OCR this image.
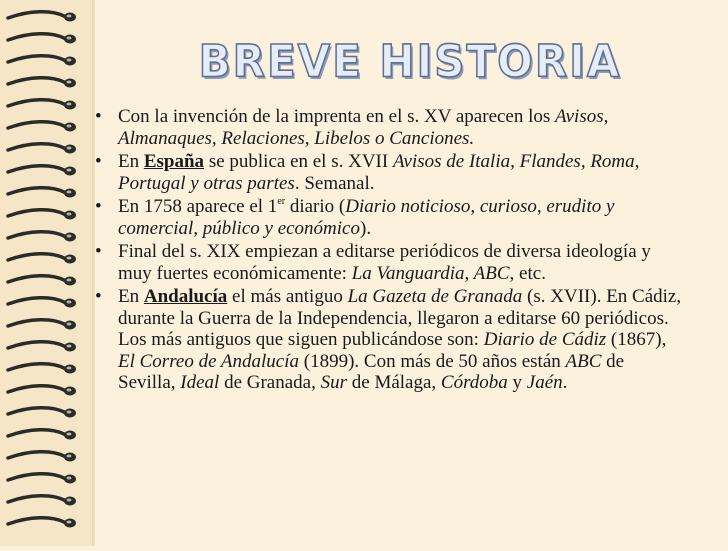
BREVE HISTORIA
• Con la invención de la imprenta en el s. XV aparecen los Avisos, Almanaques, Relaciones, Libelos o Canciones.
• En España se publica en el s. XVII Avisos de Italia, Flandes, Roma, Portugal y otras partes. Semanal.
• En 1758 aparece el 1er diario (Diario noticioso, curioso, erudito y comercial, público y económico).
• Final del s. XIX empiezan a editarse periódicos de diversa ideología y muy fuertes económicamente: La Vanguardia, ABC, etc.
• En Andalucía el más antiguo La Gazeta de Granada (s. XVII). En Cádiz, durante la Guerra de la Independencia, llegaron a editarse 60 periódicos. Los más antiguos que siguen publicándose son: Diario de Cádiz (1867), El Correo de Andalucía (1899). Con más de 50 años están ABC de Sevilla, Ideal de Granada, Sur de Málaga, Córdoba y Jaén.
